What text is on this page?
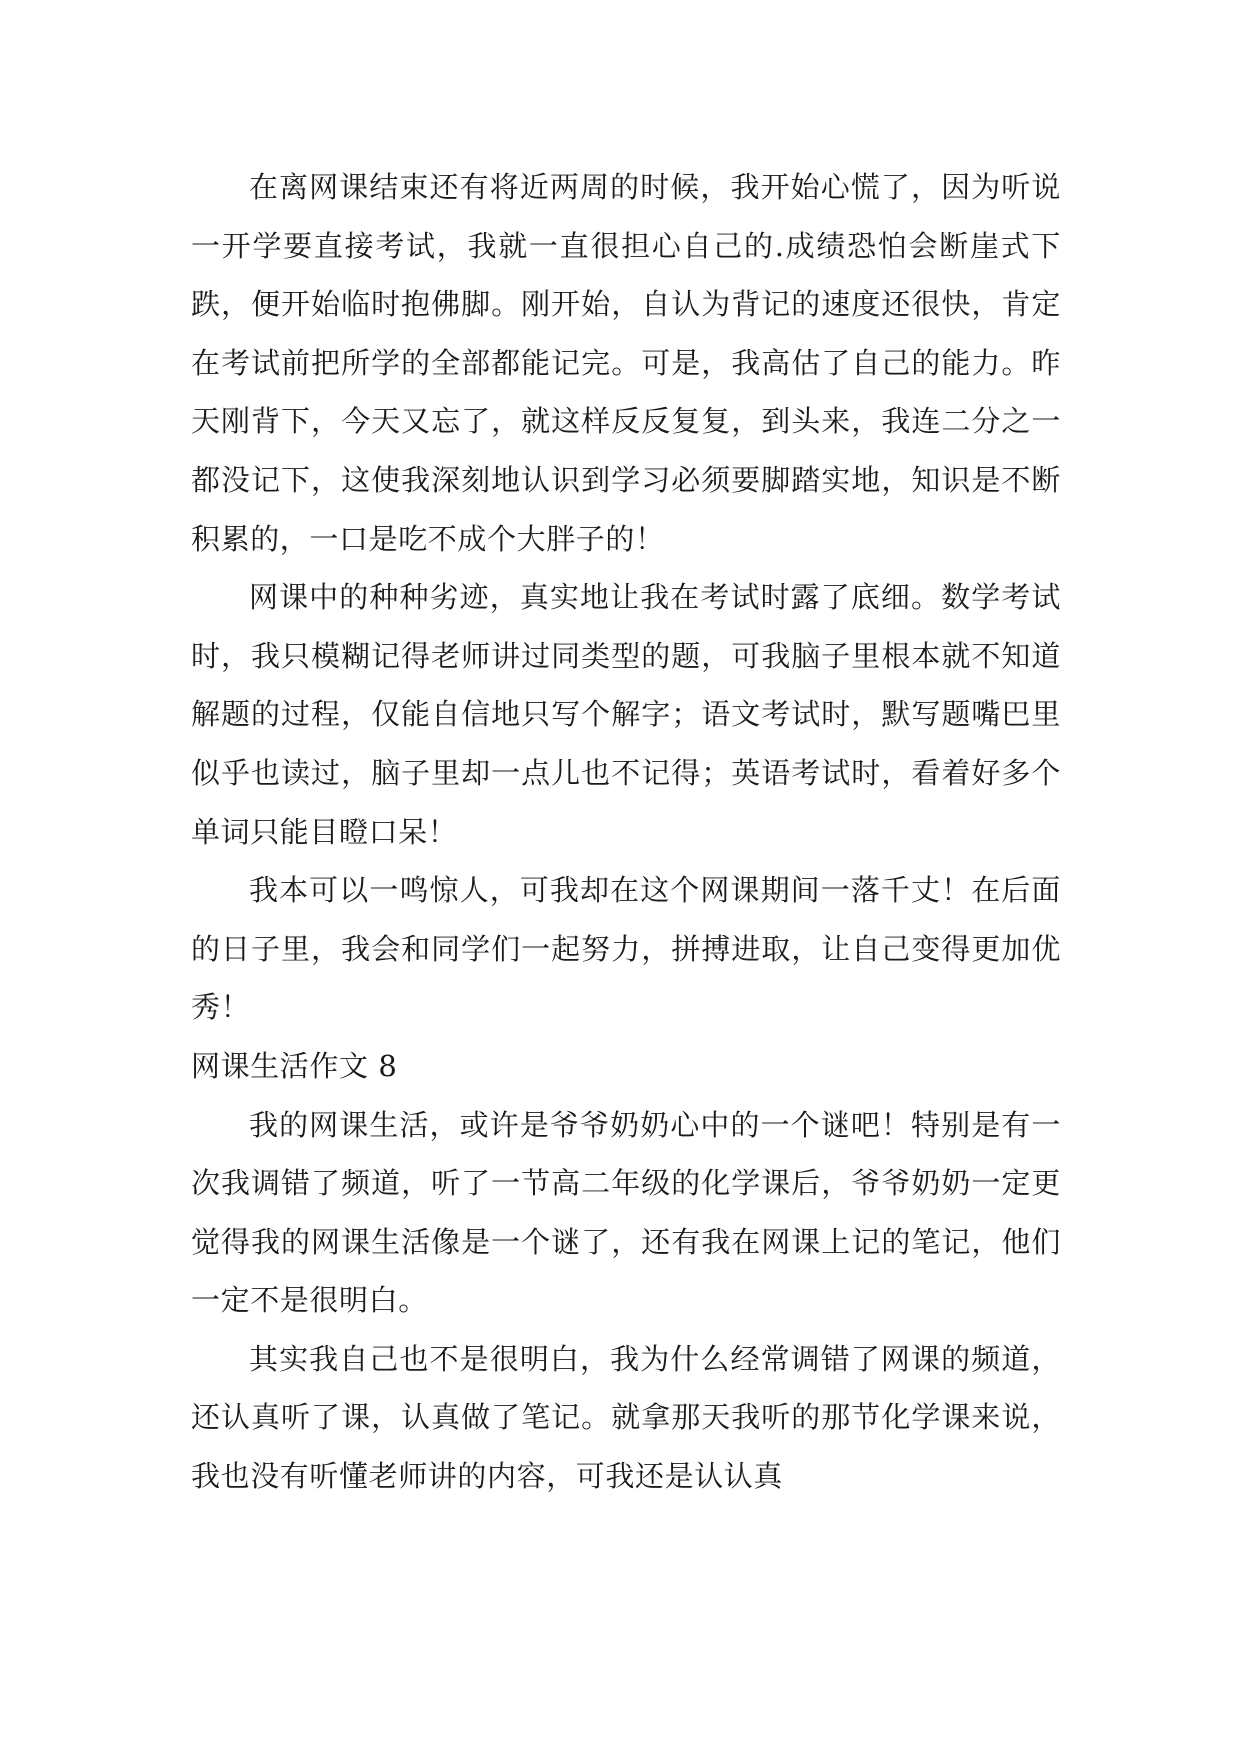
在离网课结束还有将近两周的时候，我开始心慌了，因为听说一开学要直接考试，我就一直很担心自己的.成绩恐怕会断崖式下跌，便开始临时抱佛脚。刚开始，自认为背记的速度还很快，肯定在考试前把所学的全部都能记完。可是，我高估了自己的能力。昨天刚背下，今天又忘了，就这样反反复复，到头来，我连二分之一都没记下，这使我深刻地认识到学习必须要脚踏实地，知识是不断积累的，一口是吃不成个大胖子的！

网课中的种种劣迹，真实地让我在考试时露了底细。数学考试时，我只模糊记得老师讲过同类型的题，可我脑子里根本就不知道解题的过程，仅能自信地只写个解字；语文考试时，默写题嘴巴里似乎也读过，脑子里却一点儿也不记得；英语考试时，看着好多个单词只能目瞪口呆！

我本可以一鸣惊人，可我却在这个网课期间一落千丈！在后面的日子里，我会和同学们一起努力，拼搏进取，让自己变得更加优秀！

网课生活作文 8

我的网课生活，或许是爷爷奶奶心中的一个谜吧！特别是有一次我调错了频道，听了一节高二年级的化学课后，爷爷奶奶一定更觉得我的网课生活像是一个谜了，还有我在网课上记的笔记，他们一定不是很明白。

其实我自己也不是很明白，我为什么经常调错了网课的频道，还认真听了课，认真做了笔记。就拿那天我听的那节化学课来说，我也没有听懂老师讲的内容，可我还是认认真
